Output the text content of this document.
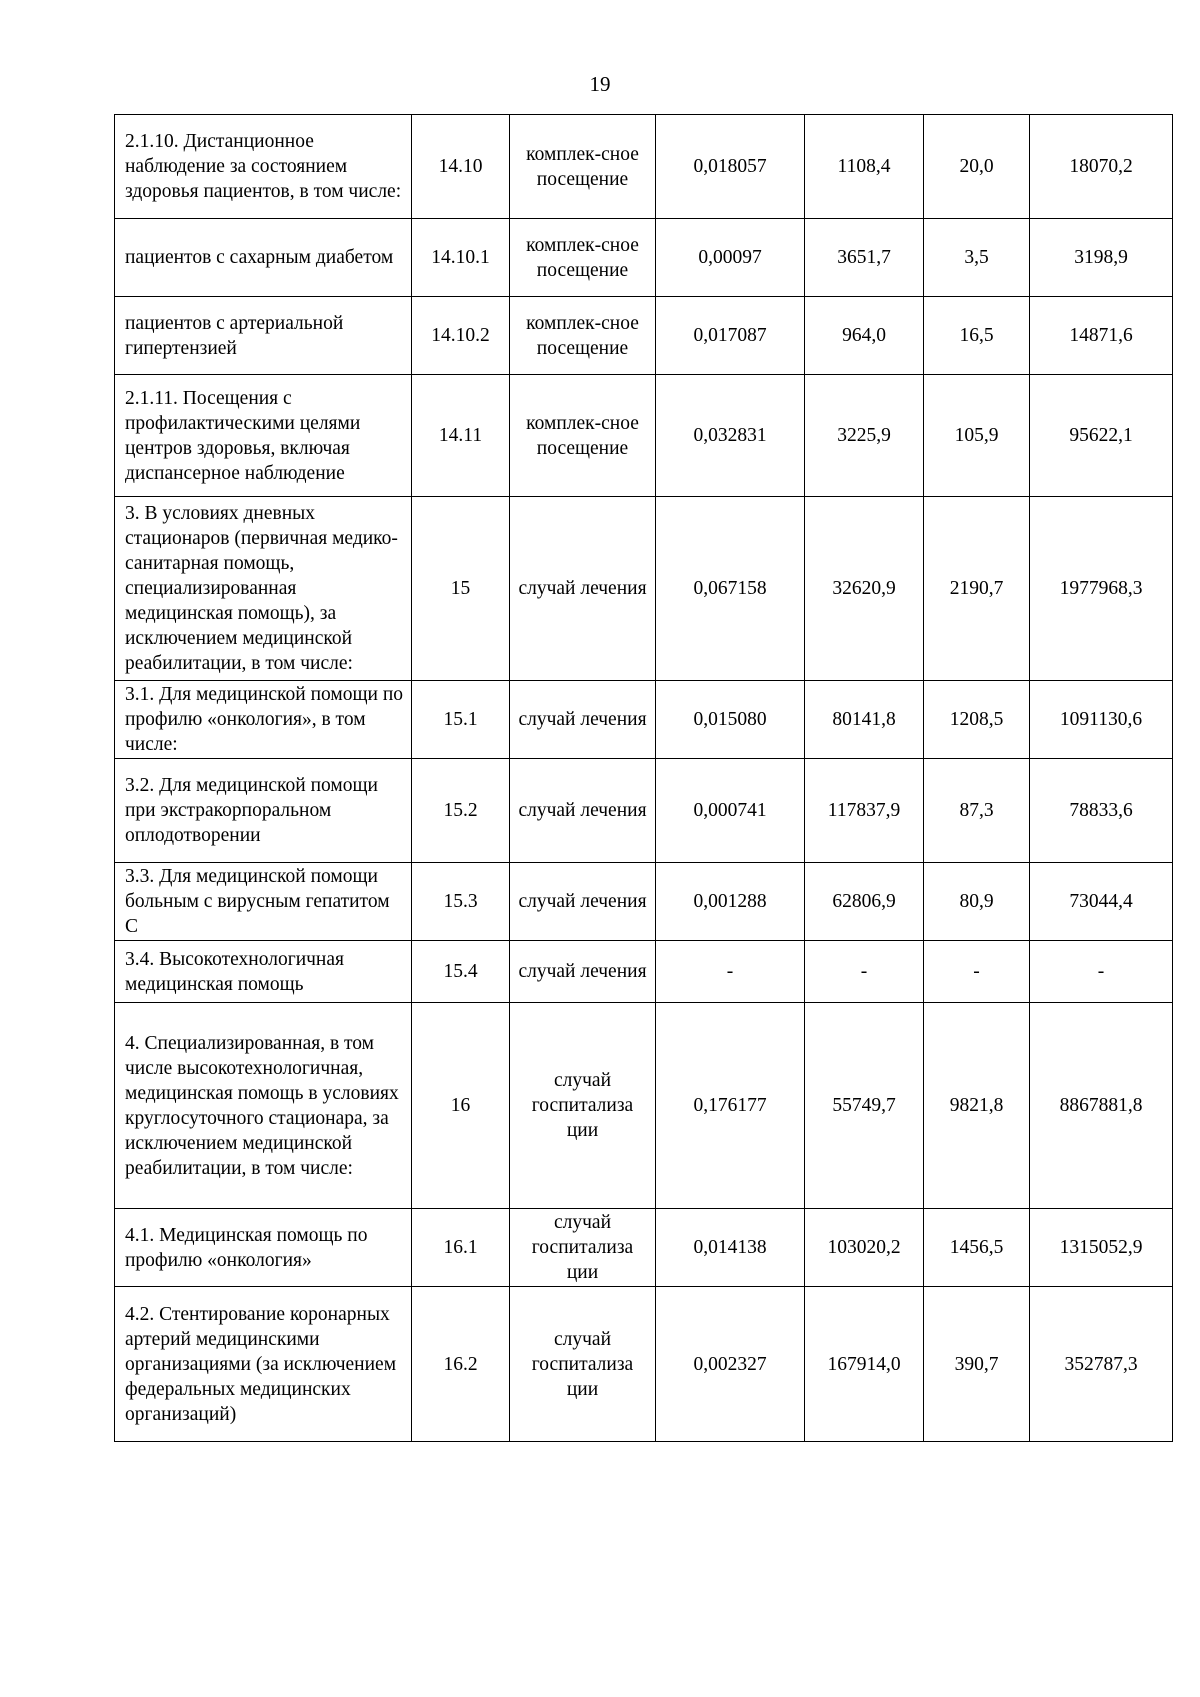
19
2.1.10. Дистанционное наблюдение за состоянием здоровья пациентов, в том числе:	14.10	комплек-сное посещение	0,018057	1108,4	20,0	18070,2
пациентов с сахарным диабетом	14.10.1	комплек-сное посещение	0,00097	3651,7	3,5	3198,9
пациентов с артериальной гипертензией	14.10.2	комплек-сное посещение	0,017087	964,0	16,5	14871,6
2.1.11. Посещения с профилактическими целями центров здоровья, включая диспансерное наблюдение	14.11	комплек-сное посещение	0,032831	3225,9	105,9	95622,1
3. В условиях дневных стационаров (первичная медико-санитарная помощь, специализированная медицинская помощь), за исключением медицинской реабилитации, в том числе:	15	случай лечения	0,067158	32620,9	2190,7	1977968,3
3.1. Для медицинской помощи по профилю «онкология», в том числе:	15.1	случай лечения	0,015080	80141,8	1208,5	1091130,6
3.2. Для медицинской помощи при экстракорпоральном оплодотворении	15.2	случай лечения	0,000741	117837,9	87,3	78833,6
3.3. Для медицинской помощи больным с вирусным гепатитом С	15.3	случай лечения	0,001288	62806,9	80,9	73044,4
3.4. Высокотехнологичная медицинская помощь	15.4	случай лечения	-	-	-	-
4. Специализированная, в том числе высокотехнологичная, медицинская помощь в условиях круглосуточного стационара, за исключением медицинской реабилитации, в том числе:	16	случай госпитализа ции	0,176177	55749,7	9821,8	8867881,8
4.1. Медицинская помощь по профилю «онкология»	16.1	случай госпитализа ции	0,014138	103020,2	1456,5	1315052,9
4.2. Стентирование коронарных артерий медицинскими организациями (за исключением федеральных медицинских организаций)	16.2	случай госпитализа ции	0,002327	167914,0	390,7	352787,3
